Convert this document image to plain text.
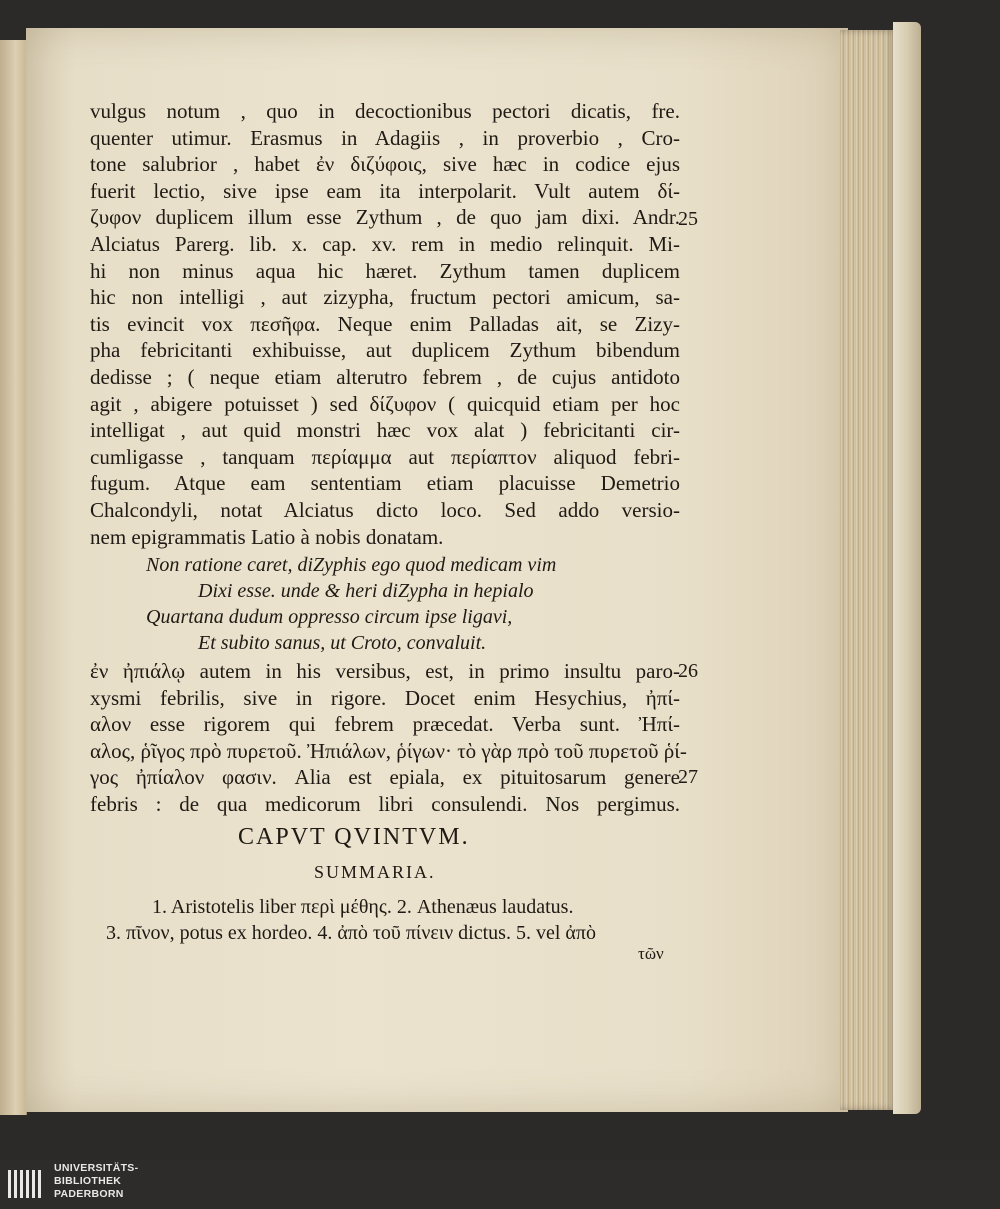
vulgus notum , quo in decoctionibus pectori dicatis, fre.
quenter utimur. Erasmus in Adagiis , in proverbio , Cro-
tone salubrior , habet ἐν διζύφοις, sive hæc in codice ejus
fuerit lectio, sive ipse eam ita interpolarit. Vult autem δί-
ζυφον duplicem illum esse Zythum , de quo jam dixi. Andr.
Alciatus Parerg. lib. x. cap. xv. rem in medio relinquit. Mi-
hi non minus aqua hic hæret. Zythum tamen duplicem
hic non intelligi , aut zizypha, fructum pectori amicum, sa-
tis evincit vox πεσῆφα. Neque enim Palladas ait, se Zizy-
pha febricitanti exhibuisse, aut duplicem Zythum bibendum
dedisse ; ( neque etiam alterutro febrem , de cujus antidoto
agit , abigere potuisset ) sed δίζυφον ( quicquid etiam per hoc
intelligat , aut quid monstri hæc vox alat ) febricitanti cir-
cumligasse , tanquam περίαμμα aut περίαπτον aliquod febri-
fugum. Atque eam sententiam etiam placuisse Demetrio
Chalcondyli, notat Alciatus dicto loco. Sed addo versio-
nem epigrammatis Latio à nobis donatam.
Non ratione caret, diZyphis ego quod medicam vim
Dixi esse. unde & heri diZypha in hepialo
Quartana dudum oppresso circum ipse ligavi,
Et subito sanus, ut Croto, convaluit.
ἐν ἠπιάλῳ autem in his versibus, est, in primo insultu paro-
xysmi febrilis, sive in rigore. Docet enim Hesychius, ἠπί-
αλον esse rigorem qui febrem præcedat. Verba sunt. Ἠπί-
αλος, ῥῖγος πρὸ πυρετοῦ. Ἠπιάλων, ῥίγων· τὸ γὰρ πρὸ τοῦ πυρετοῦ ῥί-
γος ἠπίαλον φασιν. Alia est epiala, ex pituitosarum genere
febris : de qua medicorum libri consulendi. Nos pergimus.
25
26
27
CAPVT QVINTVM.
SUMMARIA.
1. Aristotelis liber περὶ μέθης. 2. Athenæus laudatus.
3. πῖνον, potus ex hordeo. 4. ἀπὸ τοῦ πίνειν dictus. 5. vel ἀπὸ
τῶν
UNIVERSITÄTS-
BIBLIOTHEK
PADERBORN
